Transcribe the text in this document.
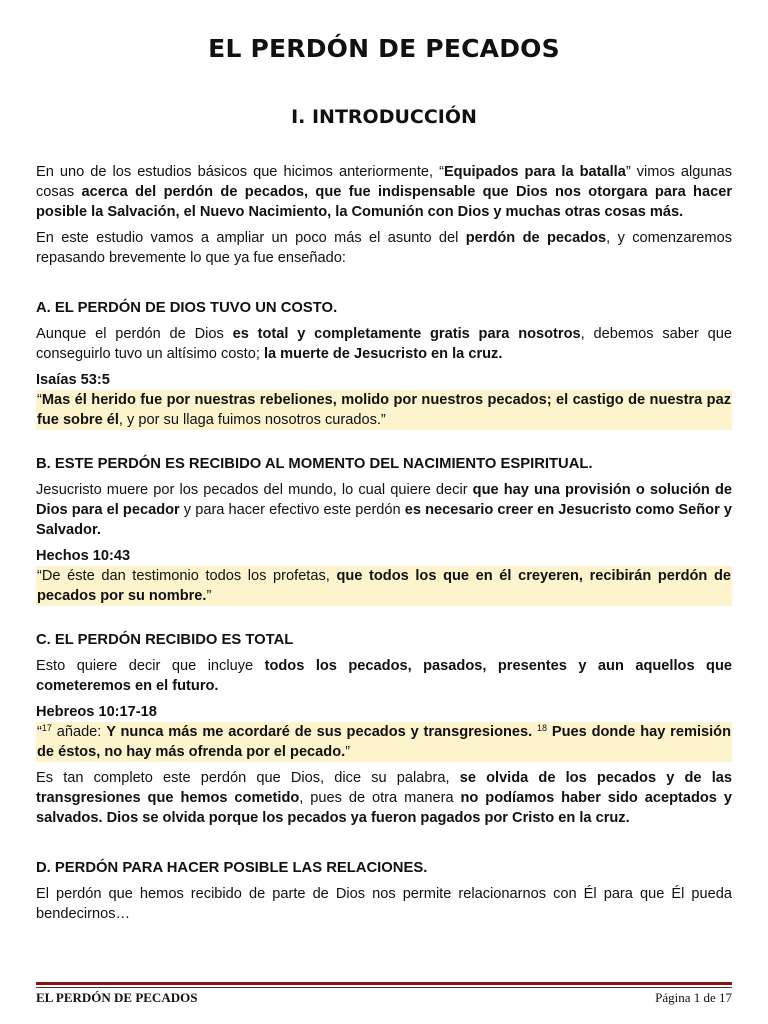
EL PERDÓN DE PECADOS
I. INTRODUCCIÓN

En uno de los estudios básicos que hicimos anteriormente, “Equipados para la batalla” vimos algunas cosas acerca del perdón de pecados, que fue indispensable que Dios nos otorgara para hacer posible la Salvación, el Nuevo Nacimiento, la Comunión con Dios y muchas otras cosas más.

En este estudio vamos a ampliar un poco más el asunto del perdón de pecados, y comenzaremos repasando brevemente lo que ya fue enseñado:

A. EL PERDÓN DE DIOS TUVO UN COSTO.

Aunque el perdón de Dios es total y completamente gratis para nosotros, debemos saber que conseguirlo tuvo un altísimo costo; la muerte de Jesucristo en la cruz.

Isaías 53:5

“Mas él herido fue por nuestras rebeliones, molido por nuestros pecados; el castigo de nuestra paz fue sobre él, y por su llaga fuimos nosotros curados.”

B. ESTE PERDÓN ES RECIBIDO AL MOMENTO DEL NACIMIENTO ESPIRITUAL.

Jesucristo muere por los pecados del mundo, lo cual quiere decir que hay una provisión o solución de Dios para el pecador y para hacer efectivo este perdón es necesario creer en Jesucristo como Señor y Salvador.

Hechos 10:43

“De éste dan testimonio todos los profetas, que todos los que en él creyeren, recibirán perdón de pecados por su nombre.”

C. EL PERDÓN RECIBIDO ES TOTAL

Esto quiere decir que incluye todos los pecados, pasados, presentes y aun aquellos que cometeremos en el futuro.

Hebreos 10:17-18

“$^{17}$ añade: Y nunca más me acordaré de sus pecados y transgresiones. $^{18}$ Pues donde hay remisión de éstos, no hay más ofrenda por el pecado.”

Es tan completo este perdón que Dios, dice su palabra, se olvida de los pecados y de las transgresiones que hemos cometido, pues de otra manera no podíamos haber sido aceptados y salvados. Dios se olvida porque los pecados ya fueron pagados por Cristo en la cruz.

D. PERDÓN PARA HACER POSIBLE LAS RELACIONES.

El perdón que hemos recibido de parte de Dios nos permite relacionarnos con Él para que Él pueda bendecirnos…

EL PERDÓN DE PECADOS	Página 1 de 17
